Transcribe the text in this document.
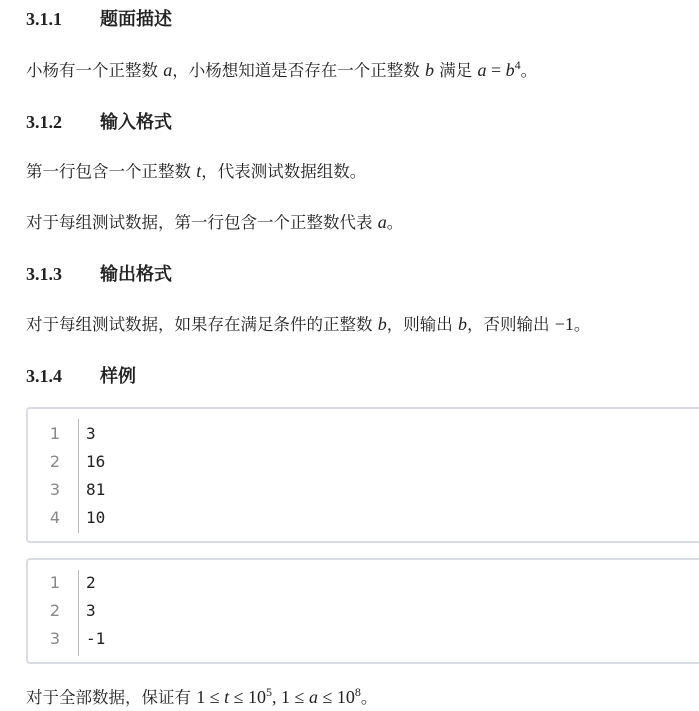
3.1.1 题面描述
小杨有一个正整数 a，小杨想知道是否存在一个正整数 b 满足 $a = b^4$。
3.1.2 输入格式
第一行包含一个正整数 t，代表测试数据组数。
对于每组测试数据，第一行包含一个正整数代表 a。
3.1.3 输出格式
对于每组测试数据，如果存在满足条件的正整数 b，则输出 b，否则输出 −1。
3.1.4 样例
1 3
2 16
3 81
4 10
1 2
2 3
3 -1
对于全部数据，保证有 $1 \le t \le 10^5$, $1 \le a \le 10^8$。
